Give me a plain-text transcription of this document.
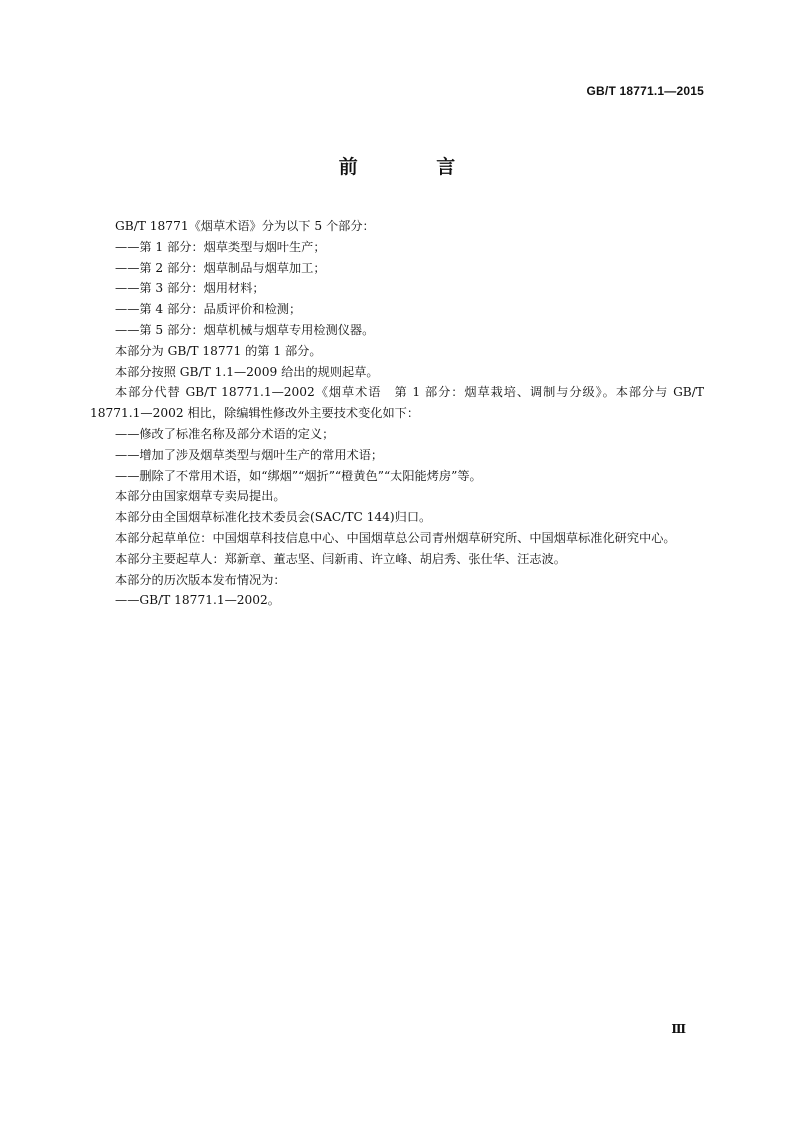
GB/T 18771.1—2015
前 言

GB/T 18771《烟草术语》分为以下 5 个部分：

——第 1 部分：烟草类型与烟叶生产；

——第 2 部分：烟草制品与烟草加工；

——第 3 部分：烟用材料；

——第 4 部分：品质评价和检测；

——第 5 部分：烟草机械与烟草专用检测仪器。

本部分为 GB/T 18771 的第 1 部分。

本部分按照 GB/T 1.1—2009 给出的规则起草。

本部分代替 GB/T 18771.1—2002《烟草术语　第 1 部分：烟草栽培、调制与分级》。本部分与 GB/T 18771.1—2002 相比，除编辑性修改外主要技术变化如下：

——修改了标准名称及部分术语的定义；

——增加了涉及烟草类型与烟叶生产的常用术语；

——删除了不常用术语，如“绑烟”“烟折”“橙黄色”“太阳能烤房”等。

本部分由国家烟草专卖局提出。

本部分由全国烟草标准化技术委员会(SAC/TC 144)归口。

本部分起草单位：中国烟草科技信息中心、中国烟草总公司青州烟草研究所、中国烟草标准化研究中心。

本部分主要起草人：郑新章、董志坚、闫新甫、许立峰、胡启秀、张仕华、汪志波。

本部分的历次版本发布情况为：

——GB/T 18771.1—2002。

Ⅲ
